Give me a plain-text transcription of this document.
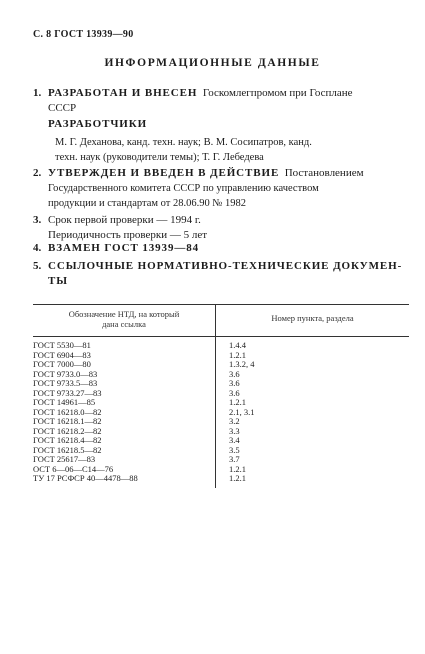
С. 8 ГОСТ 13939—90
ИНФОРМАЦИОННЫЕ ДАННЫЕ
1. РАЗРАБОТАН И ВНЕСЕН Госкомлегпромом при Госплане
СССР
РАЗРАБОТЧИКИ
М. Г. Деханова, канд. техн. наук; В. М. Сосипатров, канд.
техн. наук (руководители темы); Т. Г. Лебедева
2. УТВЕРЖДЕН И ВВЕДЕН В ДЕЙСТВИЕ Постановлением
Государственного комитета СССР по управлению качеством
продукции и стандартам от 28.06.90 № 1982
3. Срок первой проверки — 1994 г.
Периодичность проверки — 5 лет
4. ВЗАМЕН ГОСТ 13939—84
5. ССЫЛОЧНЫЕ НОРМАТИВНО-ТЕХНИЧЕСКИЕ ДОКУМЕН-
ТЫ
Обозначение НТД, на который
дана ссылка
Номер пункта, раздела
ГОСТ 5530—81	1.4.4
ГОСТ 6904—83	1.2.1
ГОСТ 7000—80	1.3.2, 4
ГОСТ 9733.0—83	3.6
ГОСТ 9733.5—83	3.6
ГОСТ 9733.27—83	3.6
ГОСТ 14961—85	1.2.1
ГОСТ 16218.0—82	2.1, 3.1
ГОСТ 16218.1—82	3.2
ГОСТ 16218.2—82	3.3
ГОСТ 16218.4—82	3.4
ГОСТ 16218.5—82	3.5
ГОСТ 25617—83	3.7
ОСТ 6—06—С14—76	1.2.1
ТУ 17 РСФСР 40—4478—88	1.2.1
